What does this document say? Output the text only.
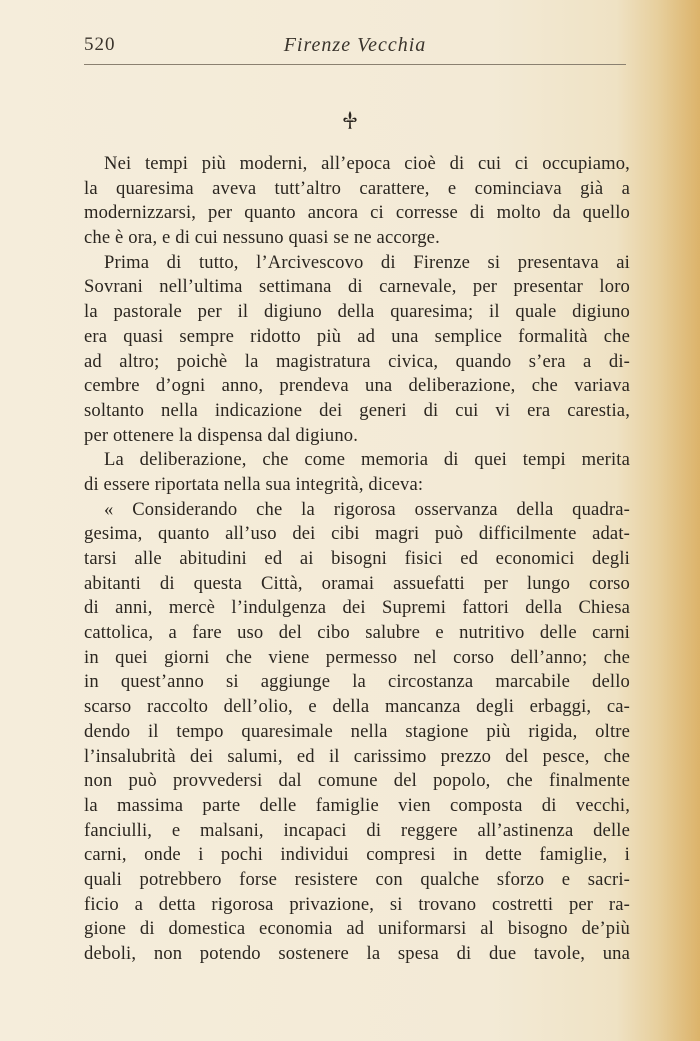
520	Firenze Vecchia
Nei tempi più moderni, all’epoca cioè di cui ci occupiamo,
la quaresima aveva tutt’altro carattere, e cominciava già a
modernizzarsi, per quanto ancora ci corresse di molto da quello
che è ora, e di cui nessuno quasi se ne accorge.
Prima di tutto, l’Arcivescovo di Firenze si presentava ai
Sovrani nell’ultima settimana di carnevale, per presentar loro
la pastorale per il digiuno della quaresima; il quale digiuno
era quasi sempre ridotto più ad una semplice formalità che
ad altro; poichè la magistratura civica, quando s’era a di-
cembre d’ogni anno, prendeva una deliberazione, che variava
soltanto nella indicazione dei generi di cui vi era carestia,
per ottenere la dispensa dal digiuno.
La deliberazione, che come memoria di quei tempi merita
di essere riportata nella sua integrità, diceva:
« Considerando che la rigorosa osservanza della quadra-
gesima, quanto all’uso dei cibi magri può difficilmente adat-
tarsi alle abitudini ed ai bisogni fisici ed economici degli
abitanti di questa Città, oramai assuefatti per lungo corso
di anni, mercè l’indulgenza dei Supremi fattori della Chiesa
cattolica, a fare uso del cibo salubre e nutritivo delle carni
in quei giorni che viene permesso nel corso dell’anno; che
in quest’anno si aggiunge la circostanza marcabile dello
scarso raccolto dell’olio, e della mancanza degli erbaggi, ca-
dendo il tempo quaresimale nella stagione più rigida, oltre
l’insalubrità dei salumi, ed il carissimo prezzo del pesce, che
non può provvedersi dal comune del popolo, che finalmente
la massima parte delle famiglie vien composta di vecchi,
fanciulli, e malsani, incapaci di reggere all’astinenza delle
carni, onde i pochi individui compresi in dette famiglie, i
quali potrebbero forse resistere con qualche sforzo e sacri-
ficio a detta rigorosa privazione, si trovano costretti per ra-
gione di domestica economia ad uniformarsi al bisogno de’più
deboli, non potendo sostenere la spesa di due tavole, una
